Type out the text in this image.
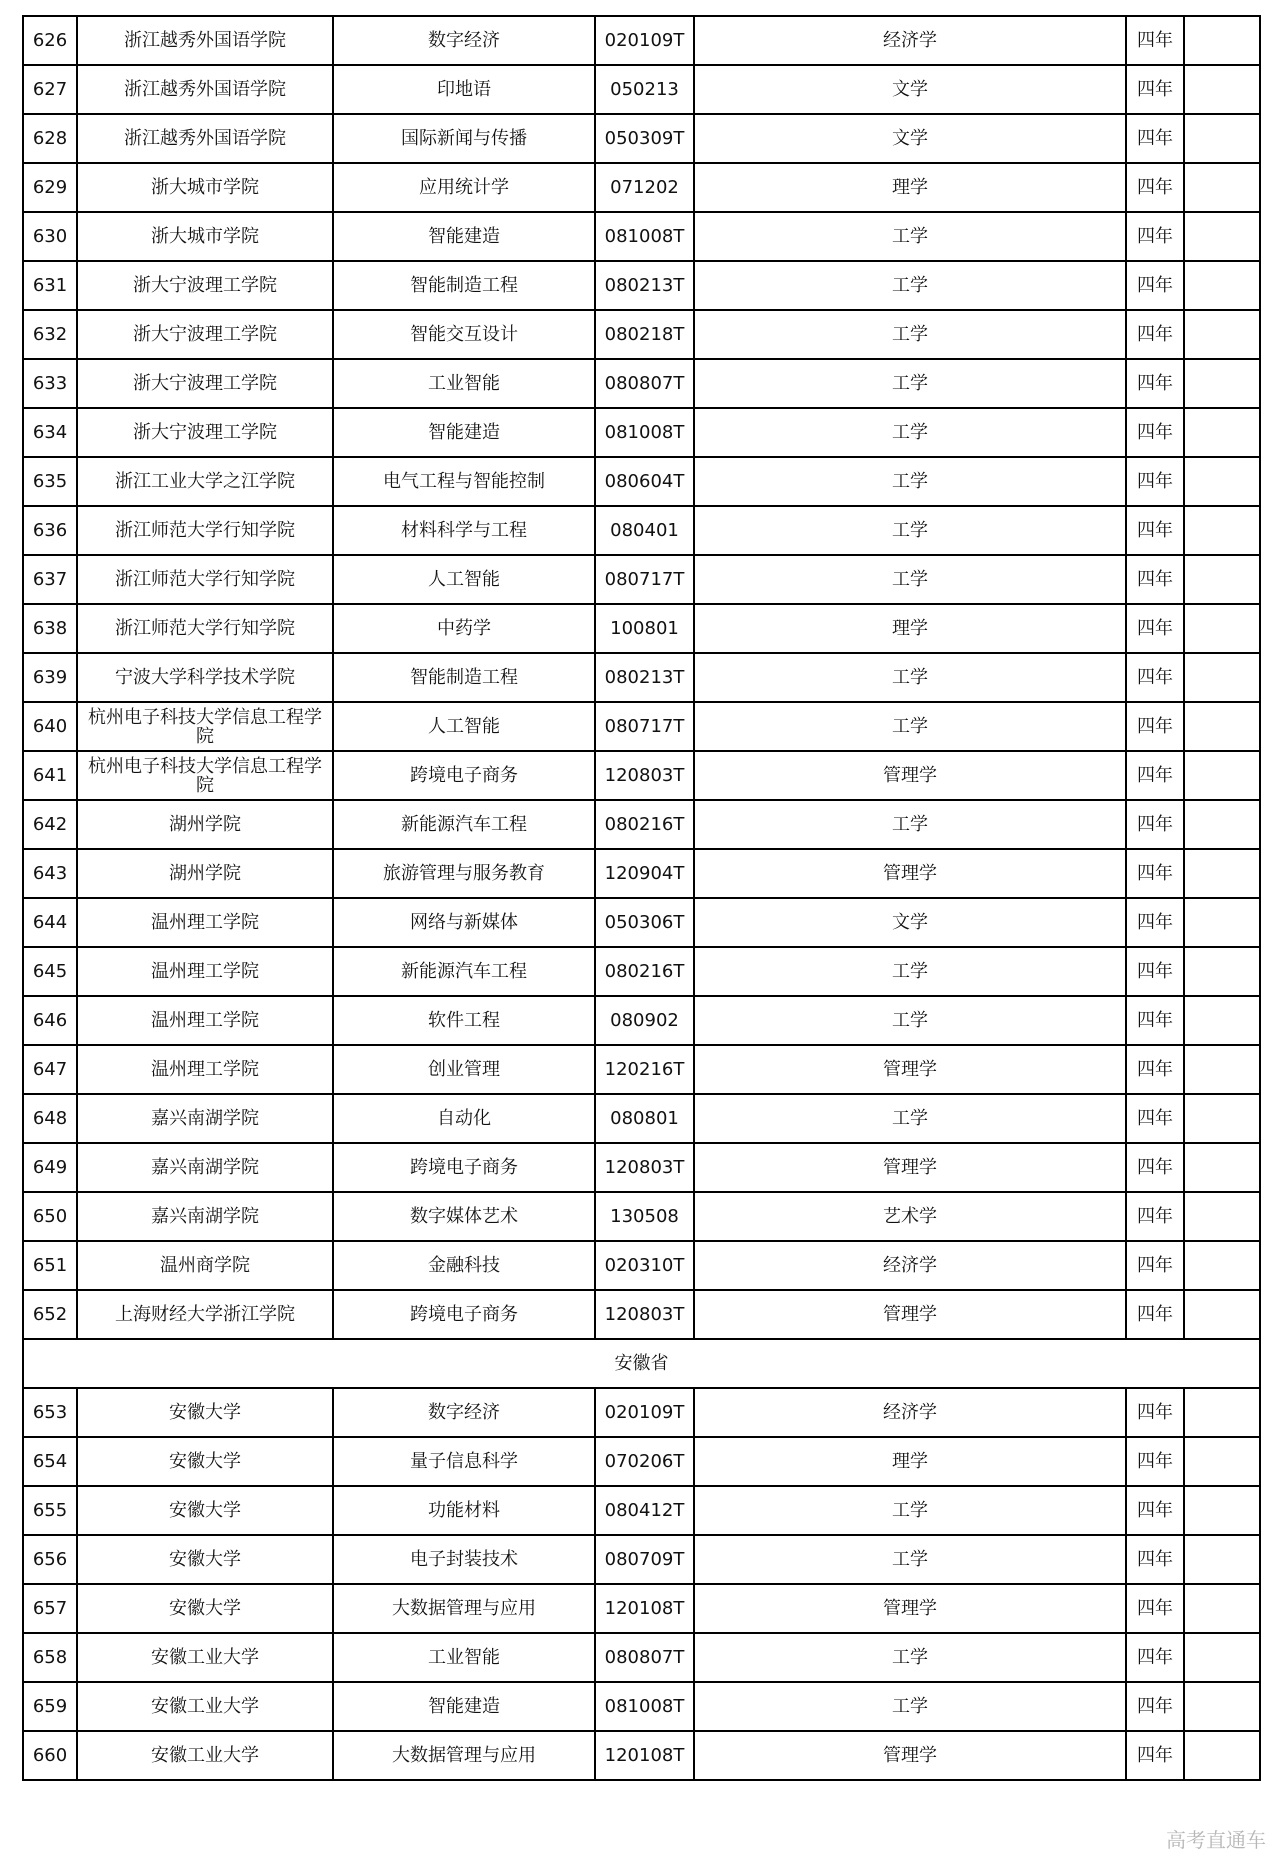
626	浙江越秀外国语学院	数字经济	020109T	经济学	四年	
627	浙江越秀外国语学院	印地语	050213	文学	四年	
628	浙江越秀外国语学院	国际新闻与传播	050309T	文学	四年	
629	浙大城市学院	应用统计学	071202	理学	四年	
630	浙大城市学院	智能建造	081008T	工学	四年	
631	浙大宁波理工学院	智能制造工程	080213T	工学	四年	
632	浙大宁波理工学院	智能交互设计	080218T	工学	四年	
633	浙大宁波理工学院	工业智能	080807T	工学	四年	
634	浙大宁波理工学院	智能建造	081008T	工学	四年	
635	浙江工业大学之江学院	电气工程与智能控制	080604T	工学	四年	
636	浙江师范大学行知学院	材料科学与工程	080401	工学	四年	
637	浙江师范大学行知学院	人工智能	080717T	工学	四年	
638	浙江师范大学行知学院	中药学	100801	理学	四年	
639	宁波大学科学技术学院	智能制造工程	080213T	工学	四年	
640	杭州电子科技大学信息工程学院	人工智能	080717T	工学	四年	
641	杭州电子科技大学信息工程学院	跨境电子商务	120803T	管理学	四年	
642	湖州学院	新能源汽车工程	080216T	工学	四年	
643	湖州学院	旅游管理与服务教育	120904T	管理学	四年	
644	温州理工学院	网络与新媒体	050306T	文学	四年	
645	温州理工学院	新能源汽车工程	080216T	工学	四年	
646	温州理工学院	软件工程	080902	工学	四年	
647	温州理工学院	创业管理	120216T	管理学	四年	
648	嘉兴南湖学院	自动化	080801	工学	四年	
649	嘉兴南湖学院	跨境电子商务	120803T	管理学	四年	
650	嘉兴南湖学院	数字媒体艺术	130508	艺术学	四年	
651	温州商学院	金融科技	020310T	经济学	四年	
652	上海财经大学浙江学院	跨境电子商务	120803T	管理学	四年	
安徽省						
653	安徽大学	数字经济	020109T	经济学	四年	
654	安徽大学	量子信息科学	070206T	理学	四年	
655	安徽大学	功能材料	080412T	工学	四年	
656	安徽大学	电子封装技术	080709T	工学	四年	
657	安徽大学	大数据管理与应用	120108T	管理学	四年	
658	安徽工业大学	工业智能	080807T	工学	四年	
659	安徽工业大学	智能建造	081008T	工学	四年	
660	安徽工业大学	大数据管理与应用	120108T	管理学	四年	
高考直通车
